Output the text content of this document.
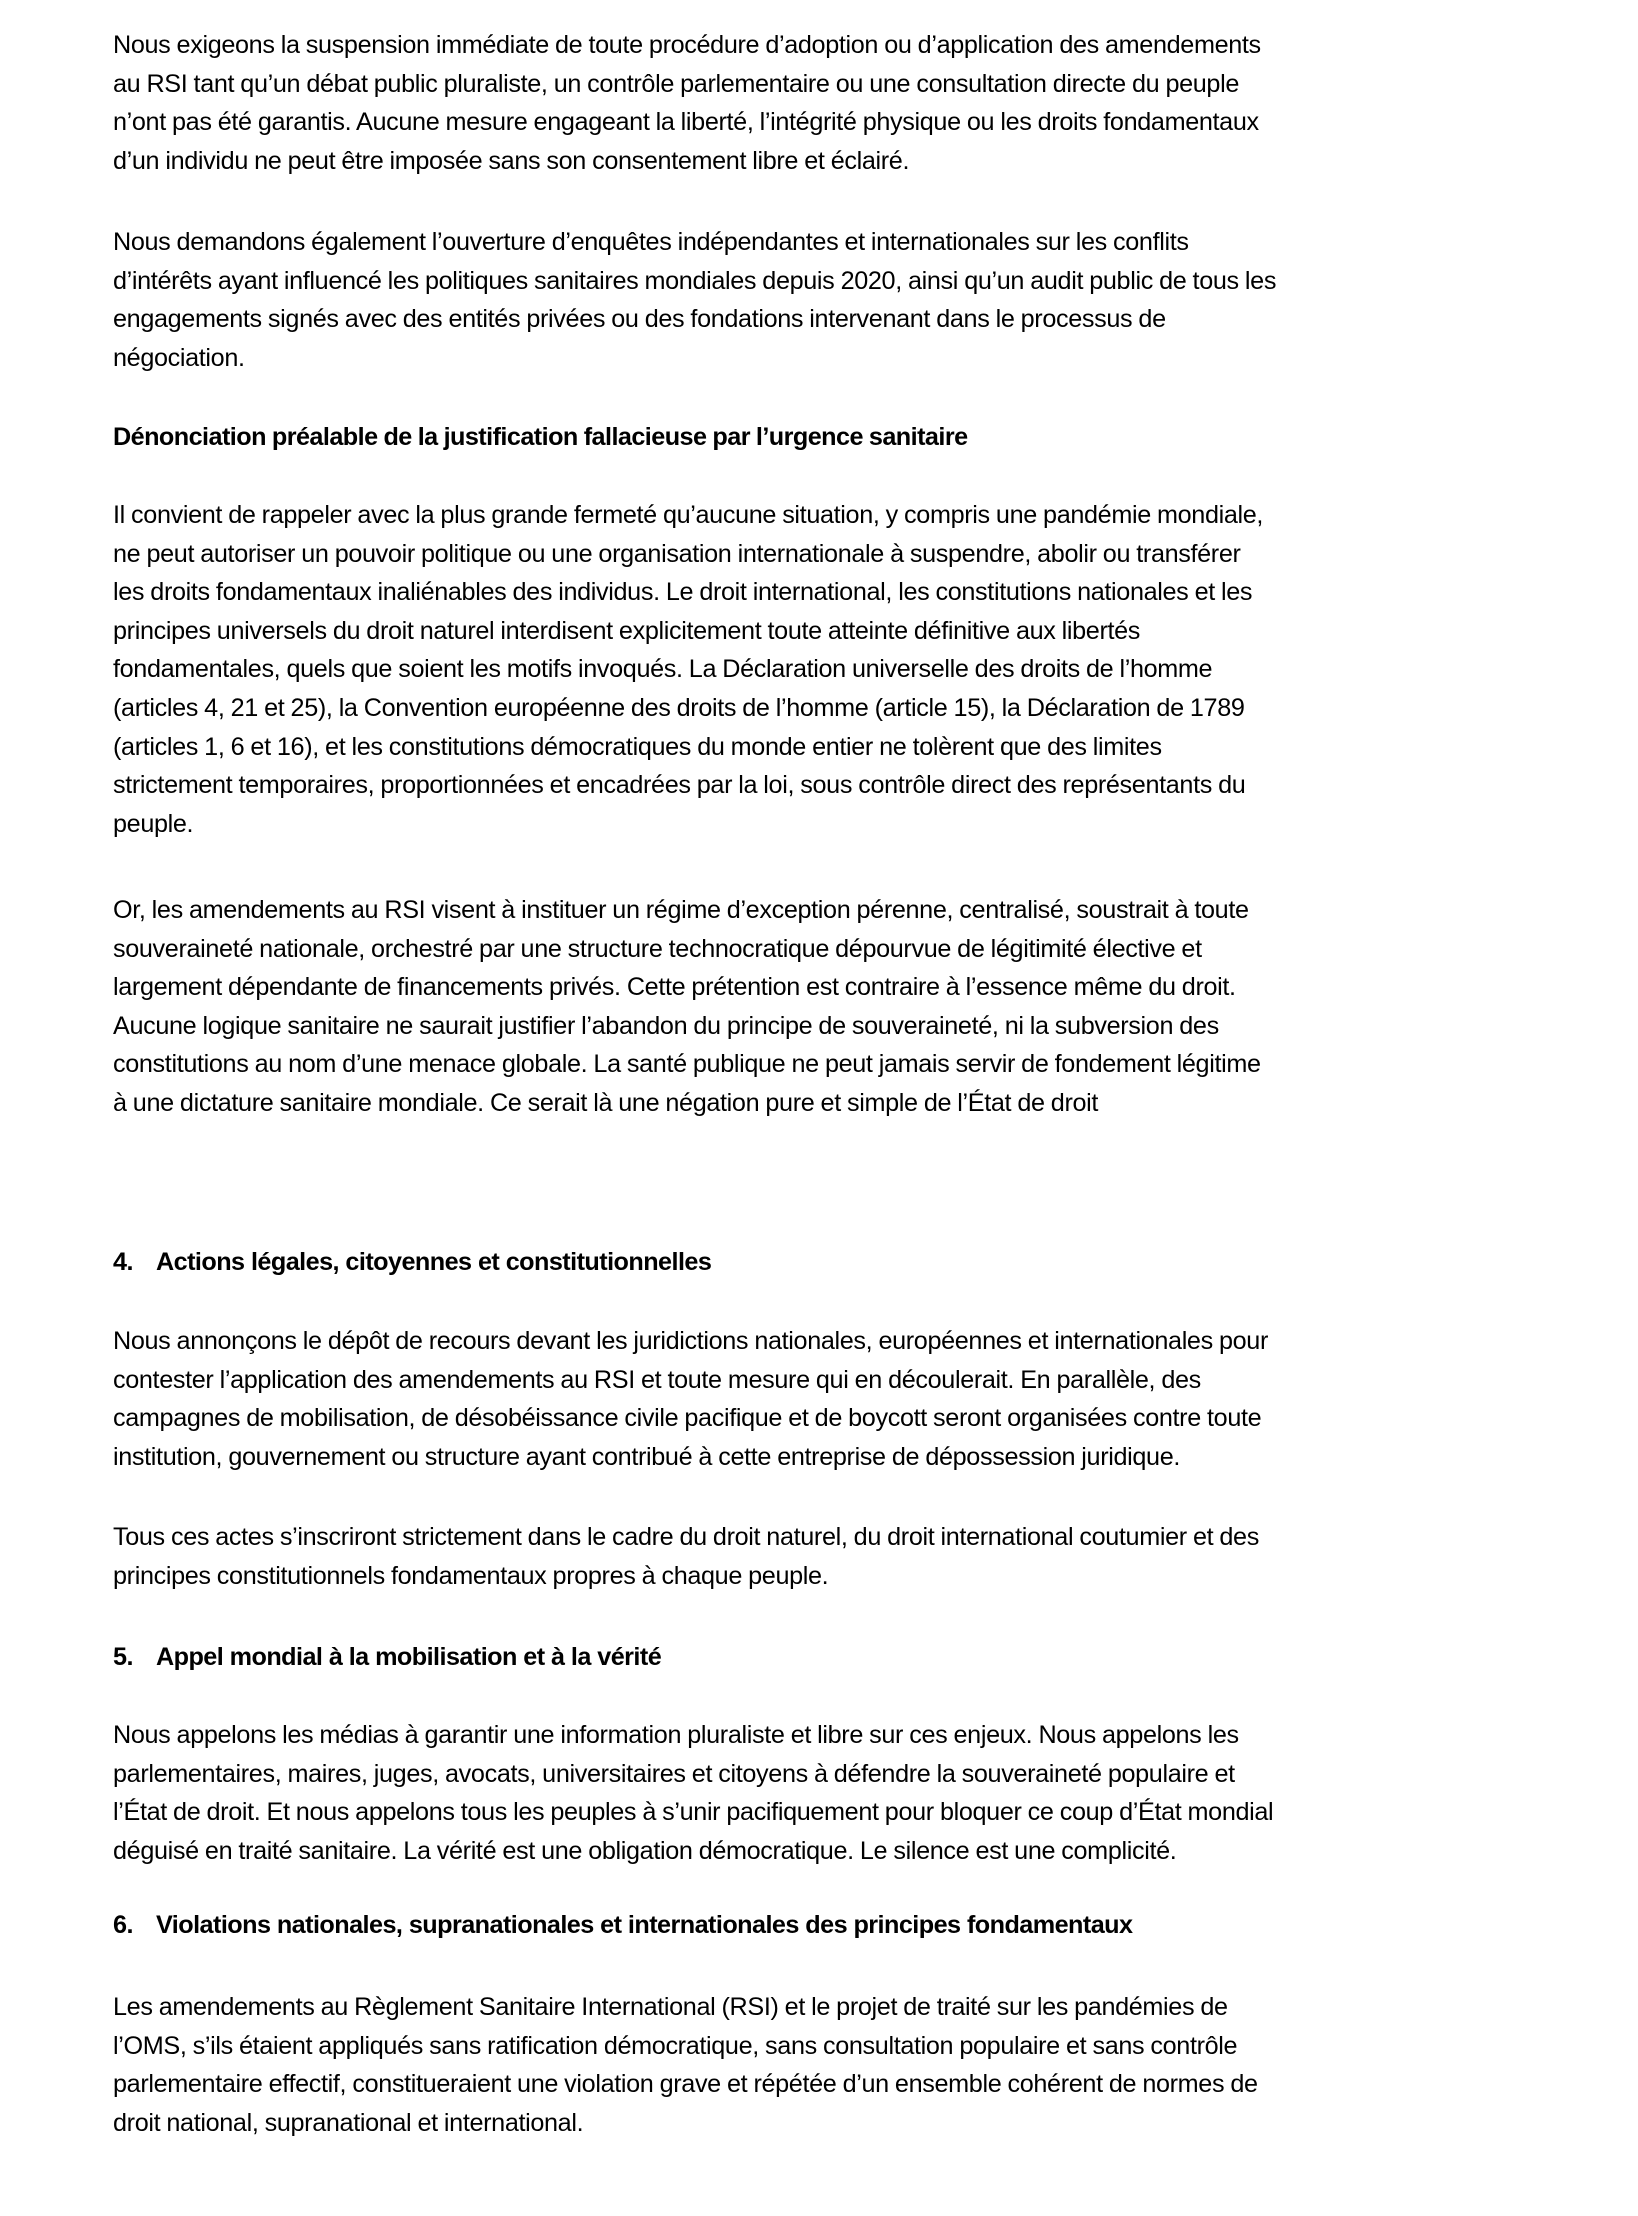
Nous exigeons la suspension immédiate de toute procédure d’adoption ou d’application des amendements
au RSI tant qu’un débat public pluraliste, un contrôle parlementaire ou une consultation directe du peuple
n’ont pas été garantis. Aucune mesure engageant la liberté, l’intégrité physique ou les droits fondamentaux
d’un individu ne peut être imposée sans son consentement libre et éclairé.
Nous demandons également l’ouverture d’enquêtes indépendantes et internationales sur les conflits
d’intérêts ayant influencé les politiques sanitaires mondiales depuis 2020, ainsi qu’un audit public de tous les
engagements signés avec des entités privées ou des fondations intervenant dans le processus de
négociation.
Dénonciation préalable de la justification fallacieuse par l’urgence sanitaire
Il convient de rappeler avec la plus grande fermeté qu’aucune situation, y compris une pandémie mondiale,
ne peut autoriser un pouvoir politique ou une organisation internationale à suspendre, abolir ou transférer
les droits fondamentaux inaliénables des individus. Le droit international, les constitutions nationales et les
principes universels du droit naturel interdisent explicitement toute atteinte définitive aux libertés
fondamentales, quels que soient les motifs invoqués. La Déclaration universelle des droits de l’homme
(articles 4, 21 et 25), la Convention européenne des droits de l’homme (article 15), la Déclaration de 1789
(articles 1, 6 et 16), et les constitutions démocratiques du monde entier ne tolèrent que des limites
strictement temporaires, proportionnées et encadrées par la loi, sous contrôle direct des représentants du
peuple.
Or, les amendements au RSI visent à instituer un régime d’exception pérenne, centralisé, soustrait à toute
souveraineté nationale, orchestré par une structure technocratique dépourvue de légitimité élective et
largement dépendante de financements privés. Cette prétention est contraire à l’essence même du droit.
Aucune logique sanitaire ne saurait justifier l’abandon du principe de souveraineté, ni la subversion des
constitutions au nom d’une menace globale. La santé publique ne peut jamais servir de fondement légitime
à une dictature sanitaire mondiale. Ce serait là une négation pure et simple de l’État de droit
4. Actions légales, citoyennes et constitutionnelles
Nous annonçons le dépôt de recours devant les juridictions nationales, européennes et internationales pour
contester l’application des amendements au RSI et toute mesure qui en découlerait. En parallèle, des
campagnes de mobilisation, de désobéissance civile pacifique et de boycott seront organisées contre toute
institution, gouvernement ou structure ayant contribué à cette entreprise de dépossession juridique.
Tous ces actes s’inscriront strictement dans le cadre du droit naturel, du droit international coutumier et des
principes constitutionnels fondamentaux propres à chaque peuple.
5. Appel mondial à la mobilisation et à la vérité
Nous appelons les médias à garantir une information pluraliste et libre sur ces enjeux. Nous appelons les
parlementaires, maires, juges, avocats, universitaires et citoyens à défendre la souveraineté populaire et
l’État de droit. Et nous appelons tous les peuples à s’unir pacifiquement pour bloquer ce coup d’État mondial
déguisé en traité sanitaire. La vérité est une obligation démocratique. Le silence est une complicité.
6. Violations nationales, supranationales et internationales des principes fondamentaux
Les amendements au Règlement Sanitaire International (RSI) et le projet de traité sur les pandémies de
l’OMS, s’ils étaient appliqués sans ratification démocratique, sans consultation populaire et sans contrôle
parlementaire effectif, constitueraient une violation grave et répétée d’un ensemble cohérent de normes de
droit national, supranational et international.
